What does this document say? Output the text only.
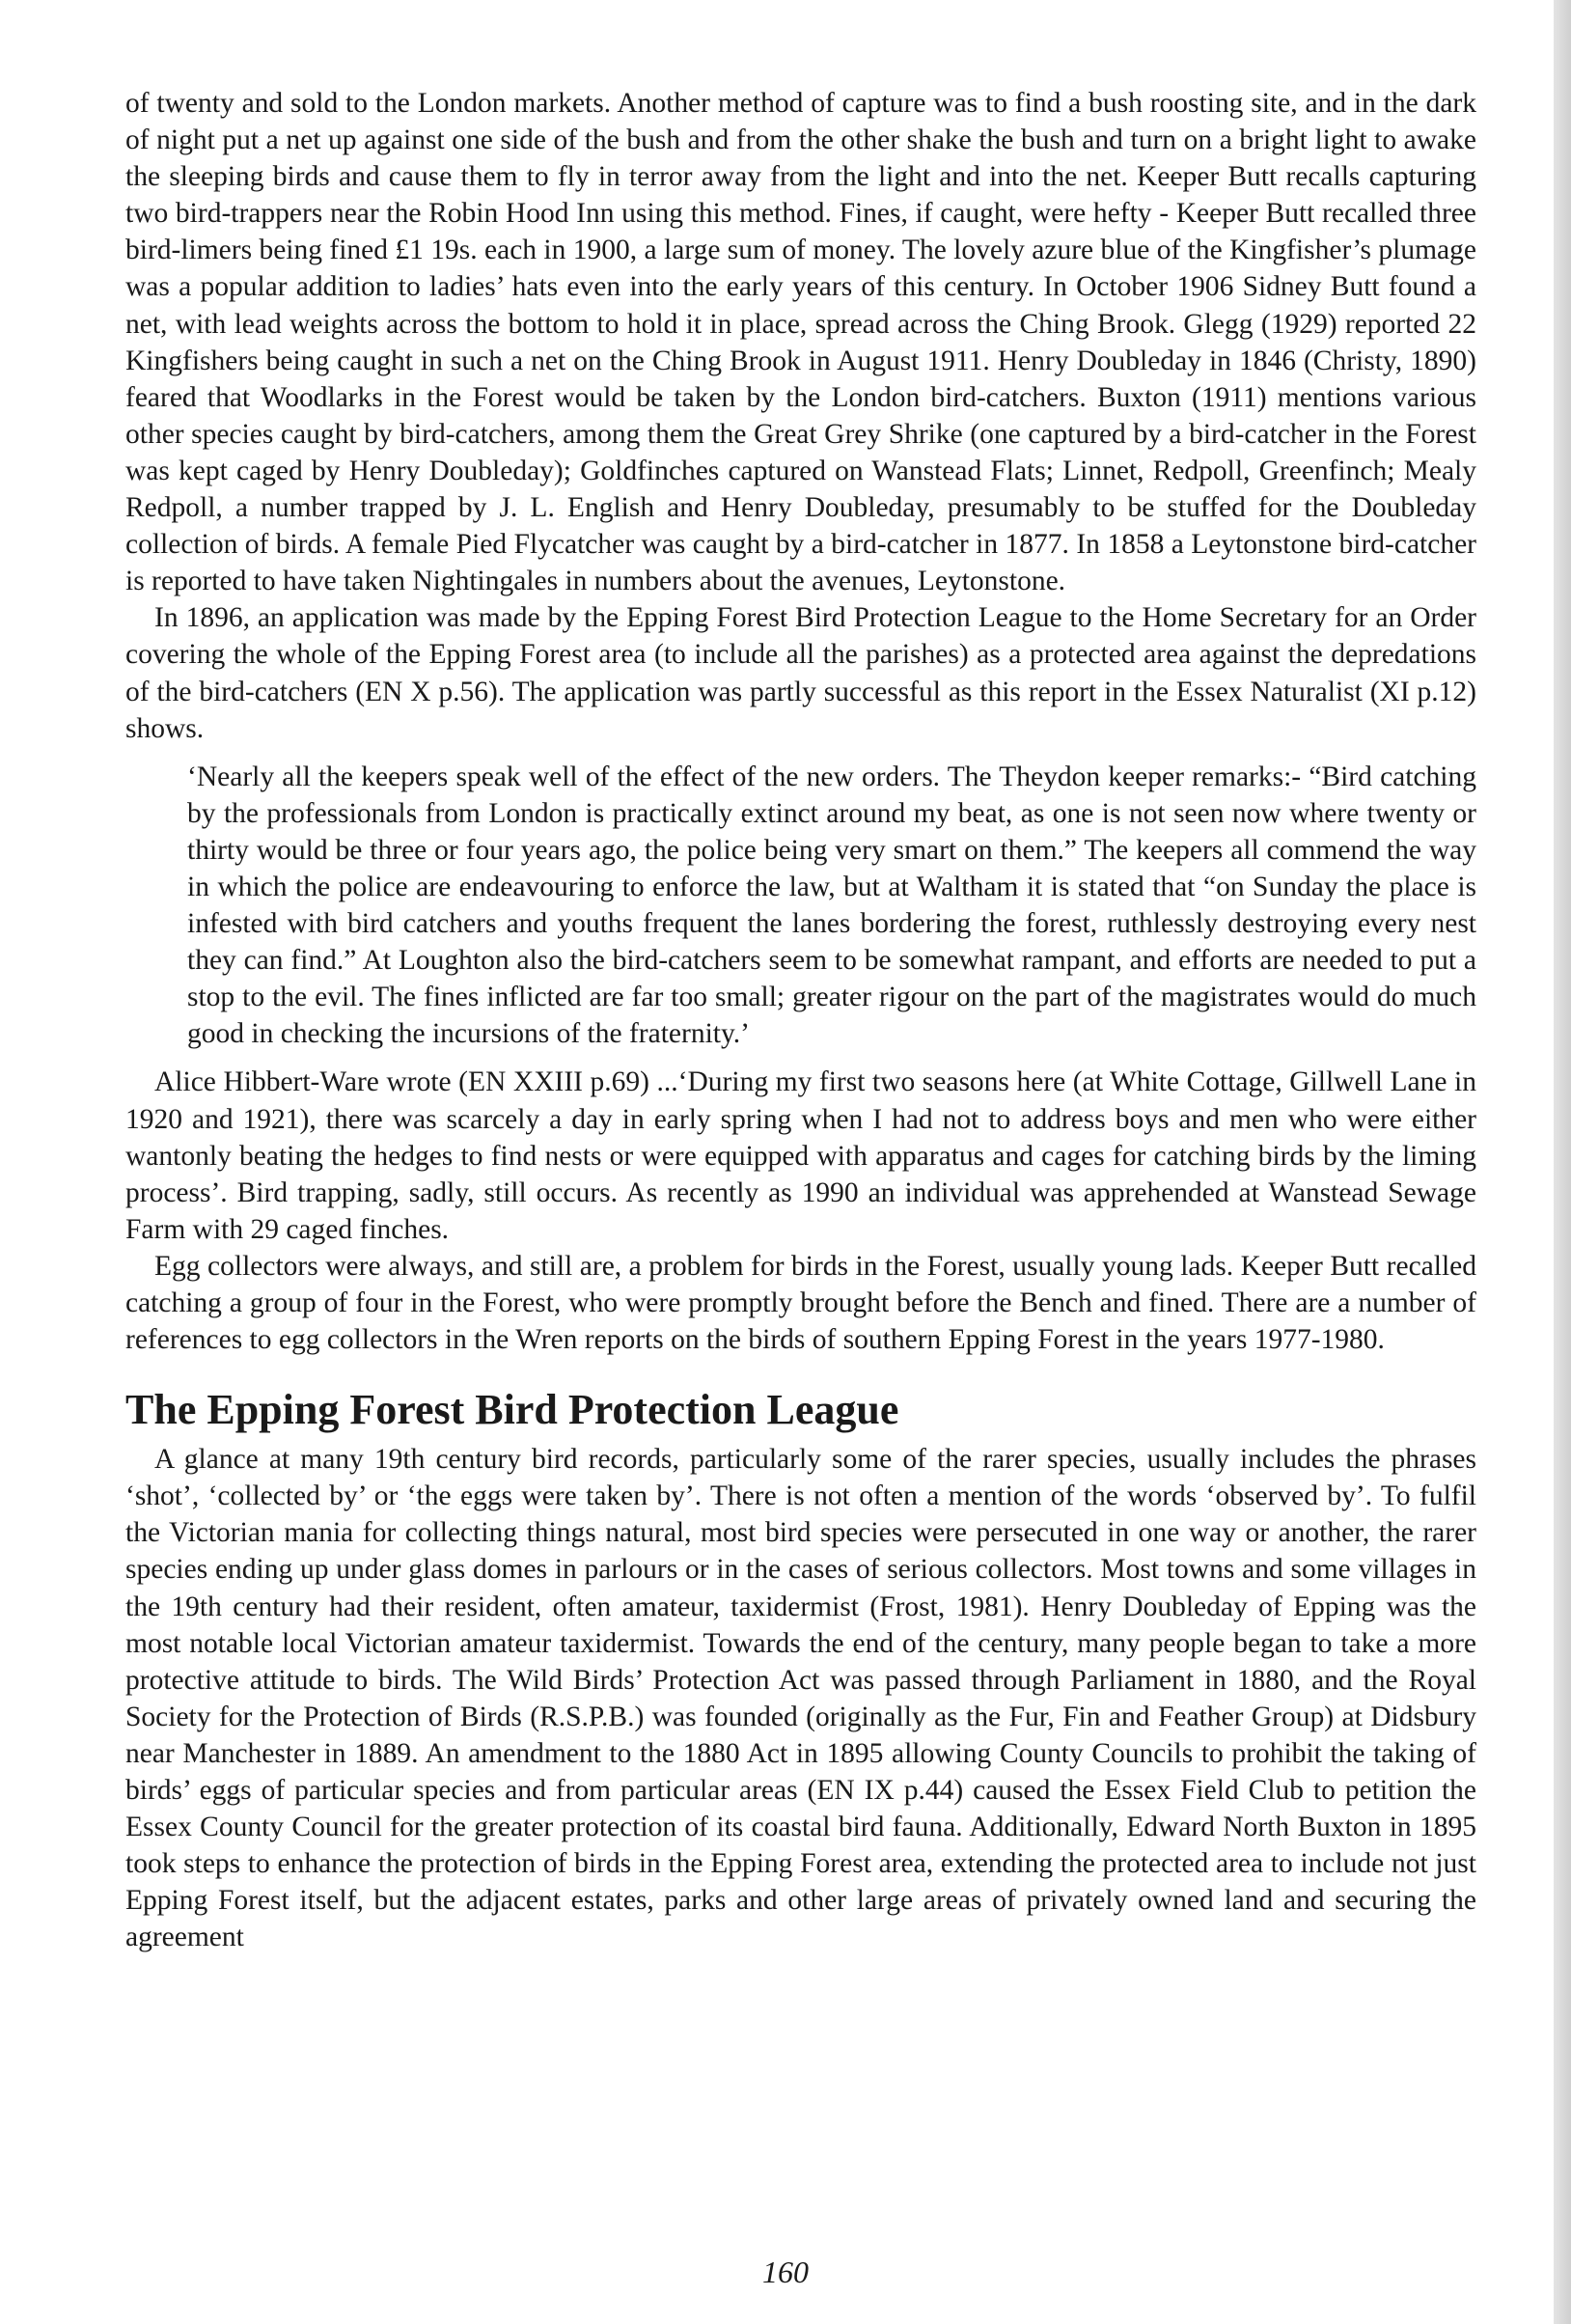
of twenty and sold to the London markets. Another method of capture was to find a bush roosting site, and in the dark of night put a net up against one side of the bush and from the other shake the bush and turn on a bright light to awake the sleeping birds and cause them to fly in terror away from the light and into the net. Keeper Butt recalls capturing two bird-trappers near the Robin Hood Inn using this method. Fines, if caught, were hefty - Keeper Butt recalled three bird-limers being fined £1 19s. each in 1900, a large sum of money. The lovely azure blue of the Kingfisher’s plumage was a popular addition to ladies’ hats even into the early years of this century. In October 1906 Sidney Butt found a net, with lead weights across the bottom to hold it in place, spread across the Ching Brook. Glegg (1929) reported 22 Kingfishers being caught in such a net on the Ching Brook in August 1911. Henry Doubleday in 1846 (Christy, 1890) feared that Woodlarks in the Forest would be taken by the London bird-catchers. Buxton (1911) mentions various other species caught by bird-catchers, among them the Great Grey Shrike (one captured by a bird-catcher in the Forest was kept caged by Henry Doubleday); Goldfinches captured on Wanstead Flats; Linnet, Redpoll, Greenfinch; Mealy Redpoll, a number trapped by J. L. English and Henry Doubleday, presumably to be stuffed for the Doubleday collection of birds. A female Pied Flycatcher was caught by a bird-catcher in 1877. In 1858 a Leytonstone bird-catcher is reported to have taken Nightingales in numbers about the avenues, Leytonstone.

In 1896, an application was made by the Epping Forest Bird Protection League to the Home Secretary for an Order covering the whole of the Epping Forest area (to include all the parishes) as a protected area against the depredations of the bird-catchers (EN X p.56). The application was partly successful as this report in the Essex Naturalist (XI p.12) shows.

‘Nearly all the keepers speak well of the effect of the new orders. The Theydon keeper remarks:- “Bird catching by the professionals from London is practically extinct around my beat, as one is not seen now where twenty or thirty would be three or four years ago, the police being very smart on them.” The keepers all commend the way in which the police are endeavouring to enforce the law, but at Waltham it is stated that “on Sunday the place is infested with bird catchers and youths frequent the lanes bordering the forest, ruthlessly destroying every nest they can find.” At Loughton also the bird-catchers seem to be somewhat rampant, and efforts are needed to put a stop to the evil. The fines inflicted are far too small; greater rigour on the part of the magistrates would do much good in checking the incursions of the fraternity.’

Alice Hibbert-Ware wrote (EN XXIII p.69) ...‘During my first two seasons here (at White Cottage, Gillwell Lane in 1920 and 1921), there was scarcely a day in early spring when I had not to address boys and men who were either wantonly beating the hedges to find nests or were equipped with apparatus and cages for catching birds by the liming process’. Bird trapping, sadly, still occurs. As recently as 1990 an individual was apprehended at Wanstead Sewage Farm with 29 caged finches.

Egg collectors were always, and still are, a problem for birds in the Forest, usually young lads. Keeper Butt recalled catching a group of four in the Forest, who were promptly brought before the Bench and fined. There are a number of references to egg collectors in the Wren reports on the birds of southern Epping Forest in the years 1977-1980.

The Epping Forest Bird Protection League

A glance at many 19th century bird records, particularly some of the rarer species, usually includes the phrases ‘shot’, ‘collected by’ or ‘the eggs were taken by’. There is not often a mention of the words ‘observed by’. To fulfil the Victorian mania for collecting things natural, most bird species were persecuted in one way or another, the rarer species ending up under glass domes in parlours or in the cases of serious collectors. Most towns and some villages in the 19th century had their resident, often amateur, taxidermist (Frost, 1981). Henry Doubleday of Epping was the most notable local Victorian amateur taxidermist. Towards the end of the century, many people began to take a more protective attitude to birds. The Wild Birds’ Protection Act was passed through Parliament in 1880, and the Royal Society for the Protection of Birds (R.S.P.B.) was founded (originally as the Fur, Fin and Feather Group) at Didsbury near Manchester in 1889. An amendment to the 1880 Act in 1895 allowing County Councils to prohibit the taking of birds’ eggs of particular species and from particular areas (EN IX p.44) caused the Essex Field Club to petition the Essex County Council for the greater protection of its coastal bird fauna. Additionally, Edward North Buxton in 1895 took steps to enhance the protection of birds in the Epping Forest area, extending the protected area to include not just Epping Forest itself, but the adjacent estates, parks and other large areas of privately owned land and securing the agreement

160
